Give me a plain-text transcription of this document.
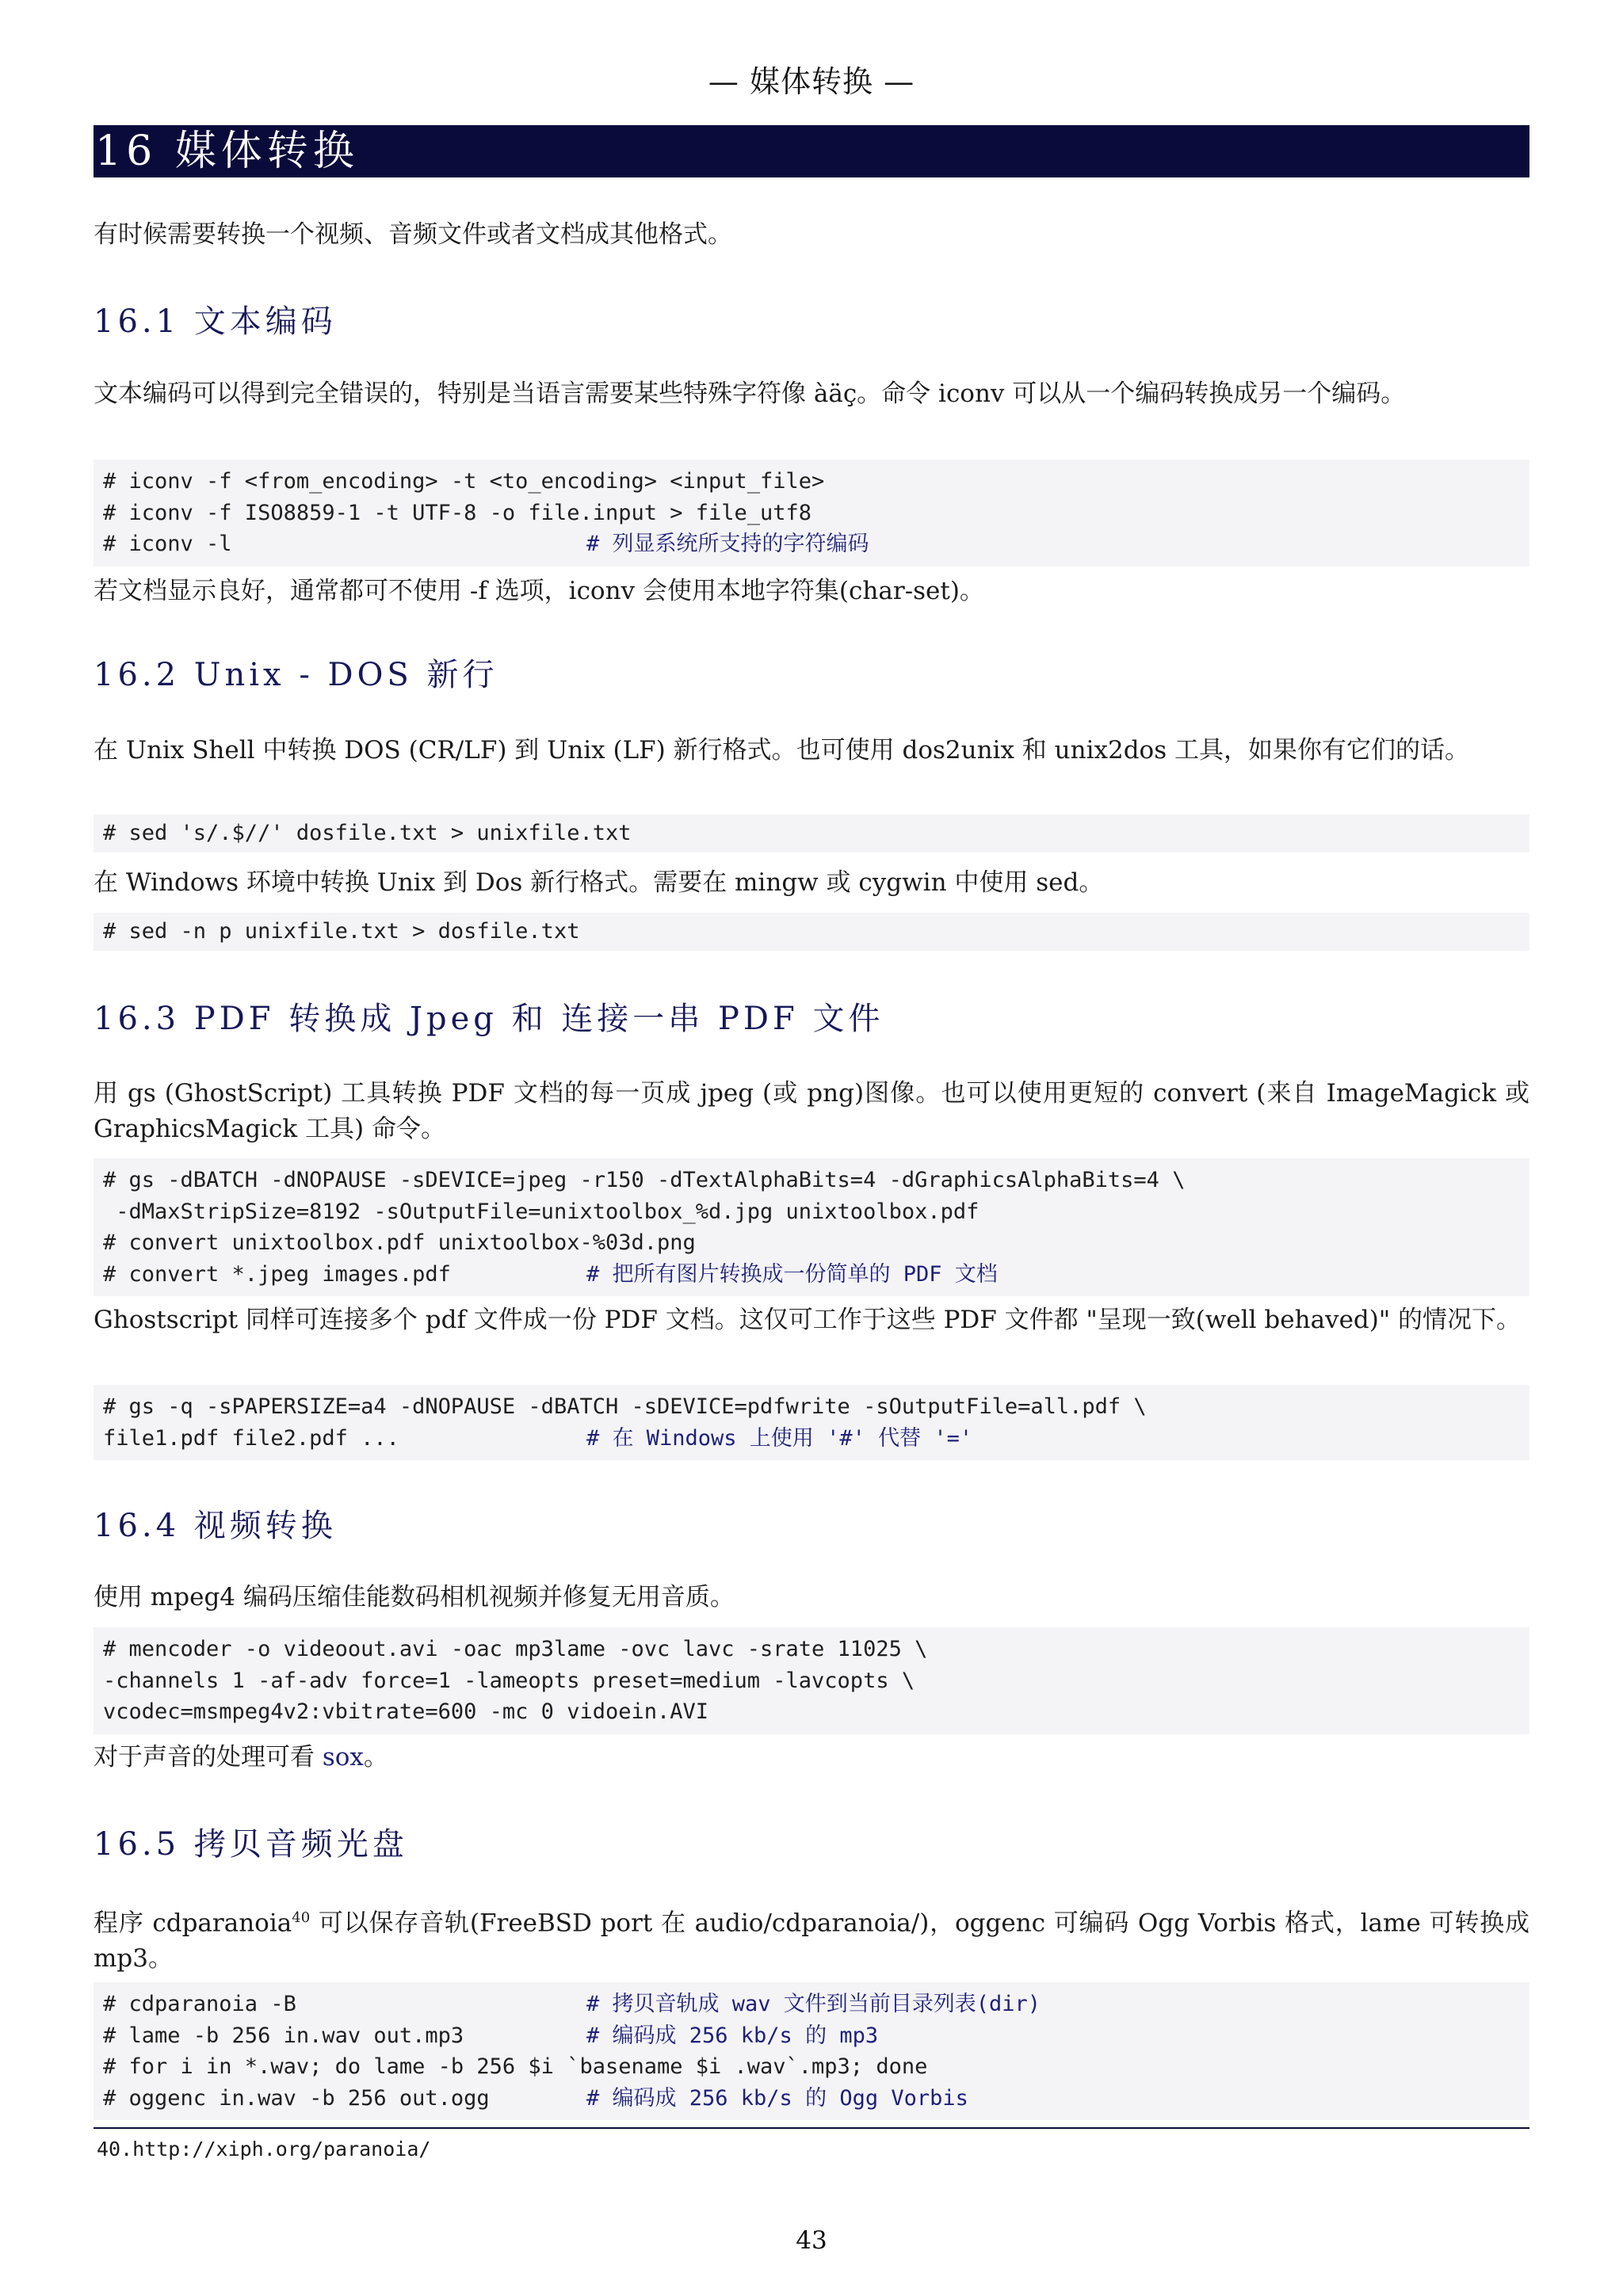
— 媒体转换 —
16 媒体转换
有时候需要转换一个视频、音频文件或者文档成其他格式。
16.1 文本编码
文本编码可以得到完全错误的，特别是当语言需要某些特殊字符像 àäç。命令 iconv 可以从一个编码转换成另一个编码。
# iconv -f <from_encoding> -t <to_encoding> <input_file>
# iconv -f ISO8859-1 -t UTF-8 -o file.input > file_utf8
# iconv -l	# 列显系统所支持的字符编码
若文档显示良好，通常都可不使用 -f 选项，iconv 会使用本地字符集(char-set)。
16.2 Unix - DOS 新行
在 Unix Shell 中转换 DOS (CR/LF) 到 Unix (LF) 新行格式。也可使用 dos2unix 和 unix2dos 工具，如果你有它们的话。
# sed 's/.$//' dosfile.txt > unixfile.txt
在 Windows 环境中转换 Unix 到 Dos 新行格式。需要在 mingw 或 cygwin 中使用 sed。
# sed -n p unixfile.txt > dosfile.txt
16.3 PDF 转换成 Jpeg 和 连接一串 PDF 文件
用 gs (GhostScript) 工具转换 PDF 文档的每一页成 jpeg (或 png)图像。也可以使用更短的 convert (来自 ImageMagick 或 GraphicsMagick 工具) 命令。
# gs -dBATCH -dNOPAUSE -sDEVICE=jpeg -r150 -dTextAlphaBits=4 -dGraphicsAlphaBits=4 \
-dMaxStripSize=8192 -sOutputFile=unixtoolbox_%d.jpg unixtoolbox.pdf
# convert unixtoolbox.pdf unixtoolbox-%03d.png
# convert *.jpeg images.pdf	# 把所有图片转换成一份简单的 PDF 文档
Ghostscript 同样可连接多个 pdf 文件成一份 PDF 文档。这仅可工作于这些 PDF 文件都 "呈现一致(well behaved)" 的情况下。
# gs -q -sPAPERSIZE=a4 -dNOPAUSE -dBATCH -sDEVICE=pdfwrite -sOutputFile=all.pdf \
file1.pdf file2.pdf ...	# 在 Windows 上使用 '#' 代替 '='
16.4 视频转换
使用 mpeg4 编码压缩佳能数码相机视频并修复无用音质。
# mencoder -o videoout.avi -oac mp3lame -ovc lavc -srate 11025 \
-channels 1 -af-adv force=1 -lameopts preset=medium -lavcopts \
vcodec=msmpeg4v2:vbitrate=600 -mc 0 vidoein.AVI
对于声音的处理可看 sox。
16.5 拷贝音频光盘
程序 cdparanoia$^{40}$ 可以保存音轨(FreeBSD port 在 audio/cdparanoia/)，oggenc 可编码 Ogg Vorbis 格式，lame 可转换成 mp3。
# cdparanoia -B	# 拷贝音轨成 wav 文件到当前目录列表(dir)
# lame -b 256 in.wav out.mp3	# 编码成 256 kb/s 的 mp3
# for i in *.wav; do lame -b 256 $i `basename $i .wav`.mp3; done
# oggenc in.wav -b 256 out.ogg	# 编码成 256 kb/s 的 Ogg Vorbis
40.http://xiph.org/paranoia/
43
